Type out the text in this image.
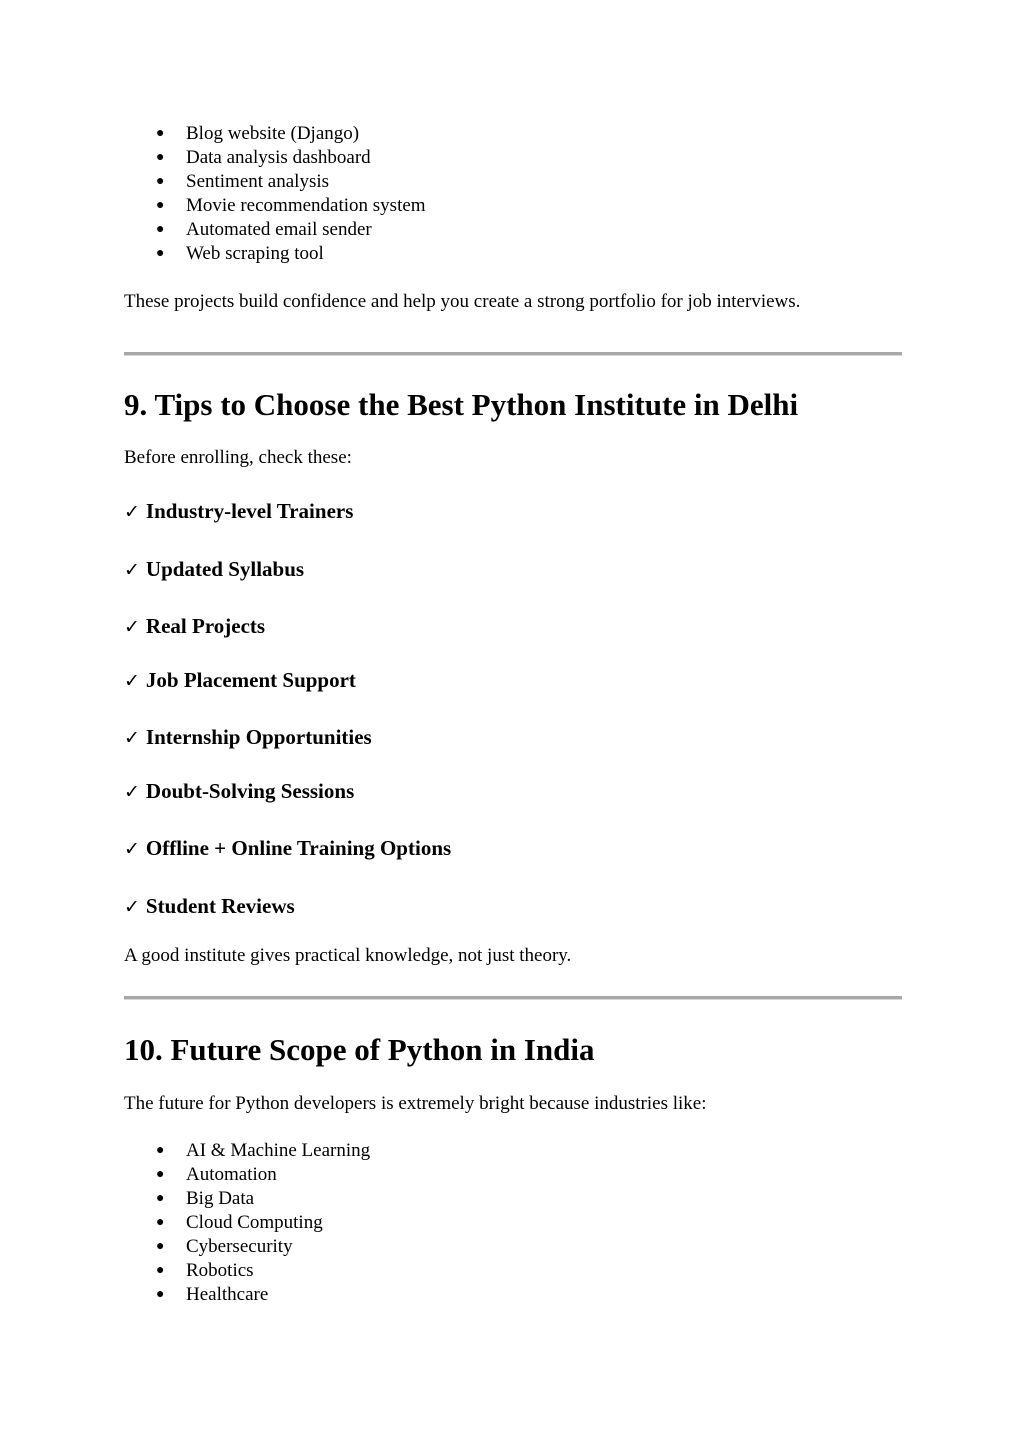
● Blog website (Django)
● Data analysis dashboard
● Sentiment analysis
● Movie recommendation system
● Automated email sender
● Web scraping tool
These projects build confidence and help you create a strong portfolio for job interviews.
9. Tips to Choose the Best Python Institute in Delhi
Before enrolling, check these:
✓ Industry-level Trainers
✓ Updated Syllabus
✓ Real Projects
✓ Job Placement Support
✓ Internship Opportunities
✓ Doubt-Solving Sessions
✓ Offline + Online Training Options
✓ Student Reviews
A good institute gives practical knowledge, not just theory.
10. Future Scope of Python in India
The future for Python developers is extremely bright because industries like:
● AI & Machine Learning
● Automation
● Big Data
● Cloud Computing
● Cybersecurity
● Robotics
● Healthcare
